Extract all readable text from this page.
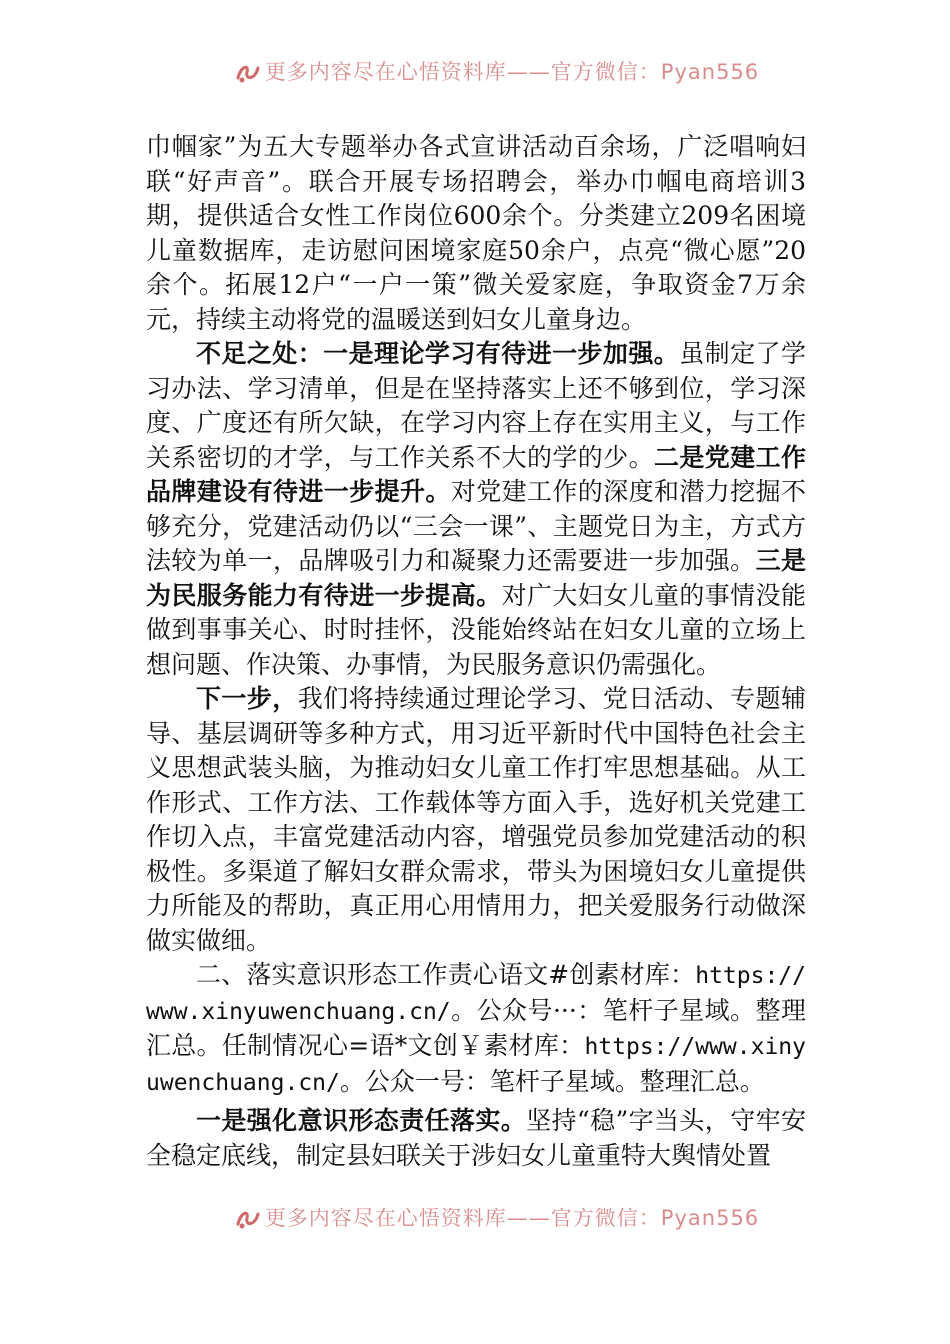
更多内容尽在心悟资料库——官方微信：Pyan556

巾帼家”为五大专题举办各式宣讲活动百余场，广泛唱响妇联“好声音”。联合开展专场招聘会，举办巾帼电商培训3期，提供适合女性工作岗位600余个。分类建立209名困境儿童数据库，走访慰问困境家庭50余户，点亮“微心愿”20余个。拓展12户“一户一策”微关爱家庭，争取资金7万余元，持续主动将党的温暖送到妇女儿童身边。

不足之处：一是理论学习有待进一步加强。虽制定了学习办法、学习清单，但是在坚持落实上还不够到位，学习深度、广度还有所欠缺，在学习内容上存在实用主义，与工作关系密切的才学，与工作关系不大的学的少。二是党建工作品牌建设有待进一步提升。对党建工作的深度和潜力挖掘不够充分，党建活动仍以“三会一课”、主题党日为主，方式方法较为单一，品牌吸引力和凝聚力还需要进一步加强。三是为民服务能力有待进一步提高。对广大妇女儿童的事情没能做到事事关心、时时挂怀，没能始终站在妇女儿童的立场上想问题、作决策、办事情，为民服务意识仍需强化。

下一步，我们将持续通过理论学习、党日活动、专题辅导、基层调研等多种方式，用习近平新时代中国特色社会主义思想武装头脑，为推动妇女儿童工作打牢思想基础。从工作形式、工作方法、工作载体等方面入手，选好机关党建工作切入点，丰富党建活动内容，增强党员参加党建活动的积极性。多渠道了解妇女群众需求，带头为困境妇女儿童提供力所能及的帮助，真正用心用情用力，把关爱服务行动做深做实做细。

二、落实意识形态工作责心语文#创素材库：https://www.xinyuwenchuang.cn/。公众号···：笔杆子星域。整理汇总。任制情况心=语*文创￥素材库：https://www.xinyuwenchuang.cn/。公众一号：笔杆子星域。整理汇总。

一是强化意识形态责任落实。坚持“稳”字当头，守牢安全稳定底线，制定县妇联关于涉妇女儿童重特大舆情处置

更多内容尽在心悟资料库——官方微信：Pyan556
